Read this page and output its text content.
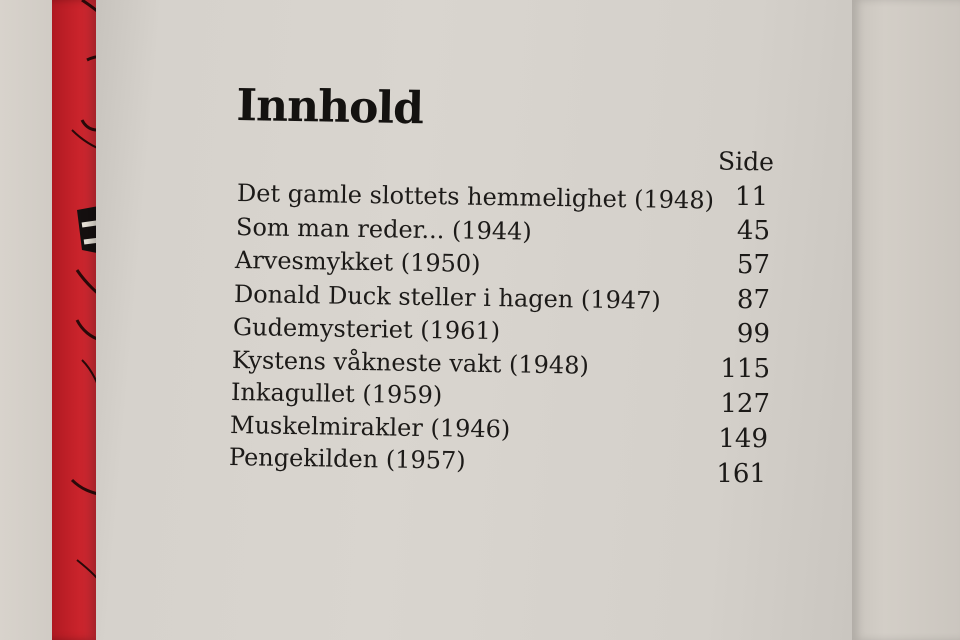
Innhold
Side
Det gamle slottets hemmelighet (1948) 11
Som man reder... (1944)	45
Arvesmykket (1950)	57
Donald Duck steller i hagen (1947)	87
Gudemysteriet (1961)	99
Kystens våkneste vakt (1948)	115
Inkagullet (1959)	127
Muskelmirakler (1946)	149
Pengekilden (1957)	161
